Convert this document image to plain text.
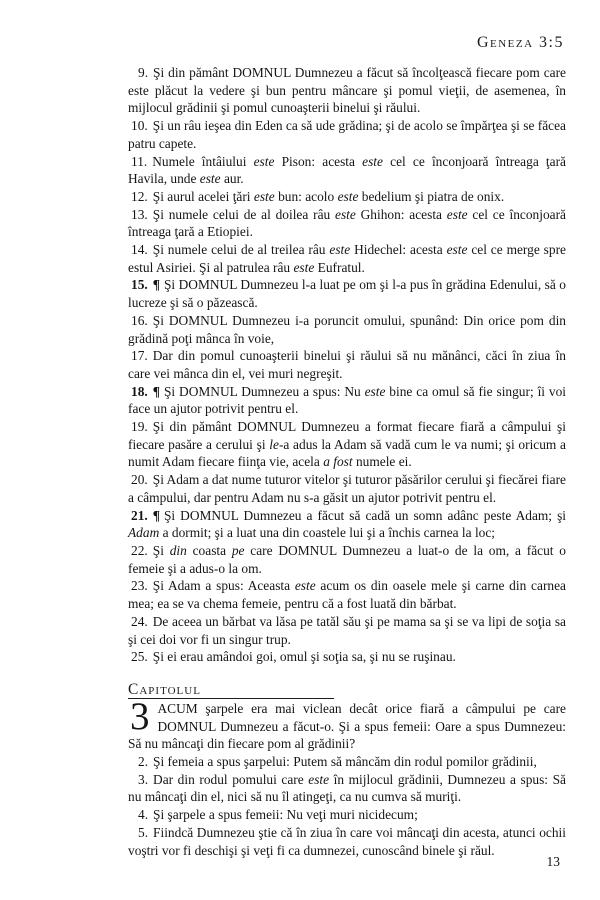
Geneza 3:5

9. Şi din pământ DOMNUL Dumnezeu a făcut să încolţească fiecare pom care este plăcut la vedere şi bun pentru mâncare şi pomul vieţii, de asemenea, în mijlocul grădinii şi pomul cunoaşterii binelui şi răului.

10. Şi un râu ieşea din Eden ca să ude grădina; şi de acolo se împărţea şi se făcea patru capete.

11. Numele întâiului este Pison: acesta este cel ce înconjoară întreaga ţară Havila, unde este aur.

12. Şi aurul acelei ţări este bun: acolo este bedelium şi piatra de onix.

13. Şi numele celui de al doilea râu este Ghihon: acesta este cel ce înconjoară întreaga ţară a Etiopiei.

14. Şi numele celui de al treilea râu este Hidechel: acesta este cel ce merge spre estul Asiriei. Şi al patrulea râu este Eufratul.

15. ¶ Şi DOMNUL Dumnezeu l-a luat pe om şi l-a pus în grădina Edenului, să o lucreze şi să o păzească.

16. Şi DOMNUL Dumnezeu i-a poruncit omului, spunând: Din orice pom din grădină poţi mânca în voie,

17. Dar din pomul cunoaşterii binelui şi răului să nu mănânci, căci în ziua în care vei mânca din el, vei muri negreşit.

18. ¶ Şi DOMNUL Dumnezeu a spus: Nu este bine ca omul să fie singur; îi voi face un ajutor potrivit pentru el.

19. Şi din pământ DOMNUL Dumnezeu a format fiecare fiară a câmpului şi fiecare pasăre a cerului şi le-a adus la Adam să vadă cum le va numi; şi oricum a numit Adam fiecare fiinţa vie, acela a fost numele ei.

20. Şi Adam a dat nume tuturor vitelor şi tuturor păsărilor cerului şi fiecărei fiare a câmpului, dar pentru Adam nu s-a găsit un ajutor potrivit pentru el.

21. ¶ Şi DOMNUL Dumnezeu a făcut să cadă un somn adânc peste Adam; şi Adam a dormit; şi a luat una din coastele lui şi a închis carnea la loc;

22. Şi din coasta pe care DOMNUL Dumnezeu a luat-o de la om, a făcut o femeie şi a adus-o la om.

23. Şi Adam a spus: Aceasta este acum os din oasele mele şi carne din carnea mea; ea se va chema femeie, pentru că a fost luată din bărbat.

24. De aceea un bărbat va lăsa pe tatăl său şi pe mama sa şi se va lipi de soţia sa şi cei doi vor fi un singur trup.

25. Şi ei erau amândoi goi, omul şi soţia sa, şi nu se ruşinau.

Capitolul

3 ACUM şarpele era mai viclean decât orice fiară a câmpului pe care DOMNUL Dumnezeu a făcut-o. Şi a spus femeii: Oare a spus Dumnezeu: Să nu mâncaţi din fiecare pom al grădinii?

2. Şi femeia a spus şarpelui: Putem să mâncăm din rodul pomilor grădinii,

3. Dar din rodul pomului care este în mijlocul grădinii, Dumnezeu a spus: Să nu mâncaţi din el, nici să nu îl atingeţi, ca nu cumva să muriţi.

4. Şi şarpele a spus femeii: Nu veţi muri nicidecum;

5. Fiindcă Dumnezeu ştie că în ziua în care voi mâncaţi din acesta, atunci ochii voştri vor fi deschişi şi veţi fi ca dumnezei, cunoscând binele şi răul.

13
